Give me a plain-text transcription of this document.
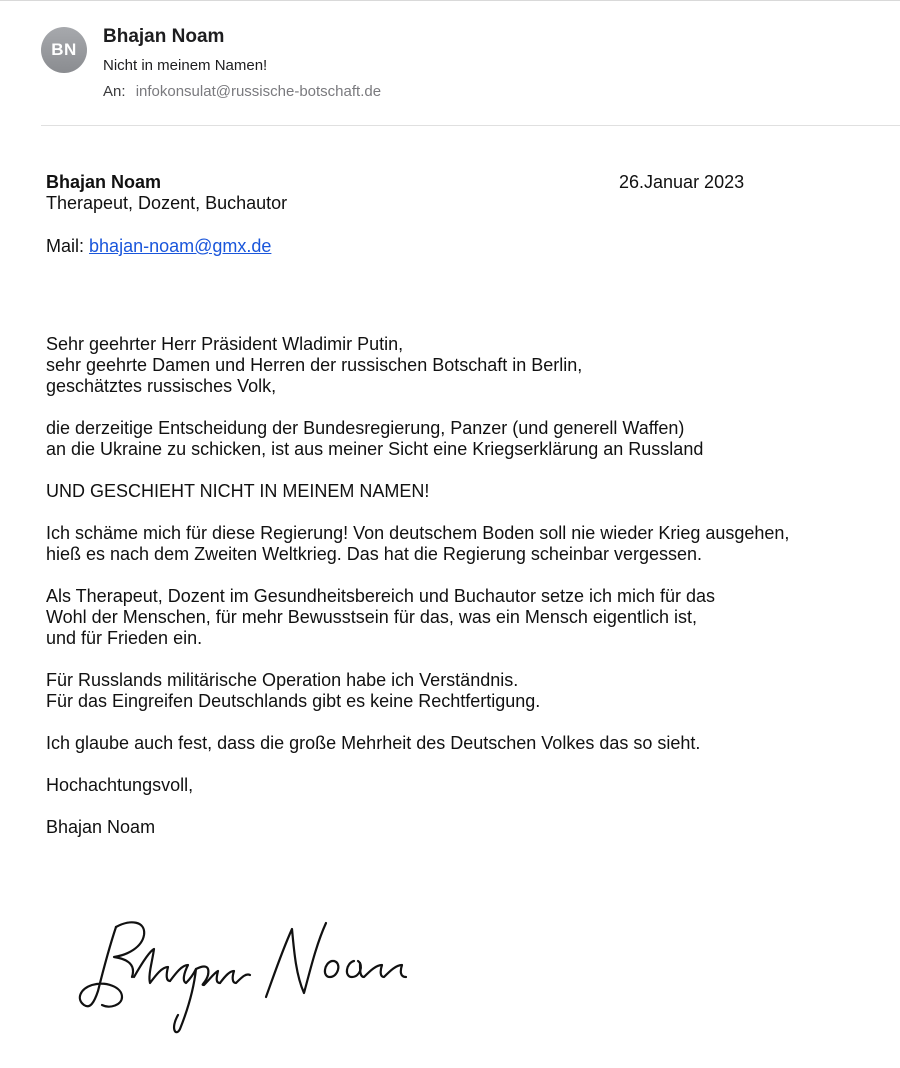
BN
Bhajan Noam
Nicht in meinem Namen!
An: infokonsulat@russische-botschaft.de
26.Januar 2023

Bhajan Noam

Therapeut, Dozent, Buchautor

Mail: bhajan-noam@gmx.de

Sehr geehrter Herr Präsident Wladimir Putin,

sehr geehrte Damen und Herren der russischen Botschaft in Berlin,

geschätztes russisches Volk,

die derzeitige Entscheidung der Bundesregierung, Panzer (und generell Waffen)

an die Ukraine zu schicken, ist aus meiner Sicht eine Kriegserklärung an Russland

UND GESCHIEHT NICHT IN MEINEM NAMEN!

Ich schäme mich für diese Regierung! Von deutschem Boden soll nie wieder Krieg ausgehen,

hieß es nach dem Zweiten Weltkrieg. Das hat die Regierung scheinbar vergessen.

Als Therapeut, Dozent im Gesundheitsbereich und Buchautor setze ich mich für das

Wohl der Menschen, für mehr Bewusstsein für das, was ein Mensch eigentlich ist,

und für Frieden ein.

Für Russlands militärische Operation habe ich Verständnis.

Für das Eingreifen Deutschlands gibt es keine Rechtfertigung.

Ich glaube auch fest, dass die große Mehrheit des Deutschen Volkes das so sieht.

Hochachtungsvoll,

Bhajan Noam
